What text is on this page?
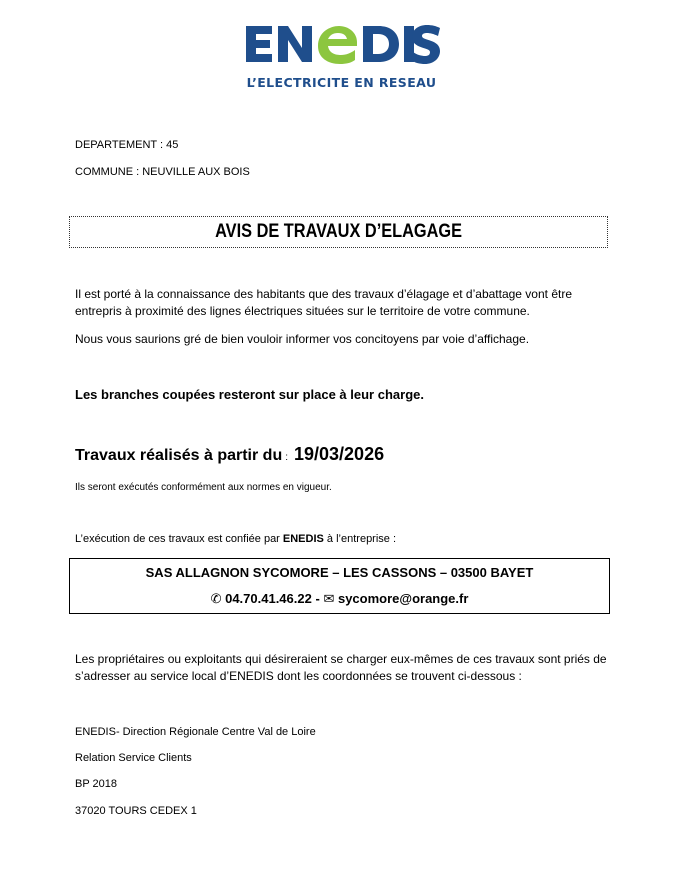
L’ELECTRICITE EN RESEAU
DEPARTEMENT : 45
COMMUNE : NEUVILLE AUX BOIS
AVIS DE TRAVAUX D’ELAGAGE
Il est porté à la connaissance des habitants que des travaux d’élagage et d’abattage vont être entrepris à proximité des lignes électriques situées sur le territoire de votre commune.
Nous vous saurions gré de bien vouloir informer vos concitoyens par voie d’affichage.
Les branches coupées resteront sur place à leur charge.
Travaux réalisés à partir du : 19/03/2026
Ils seront exécutés conformément aux normes en vigueur.
L’exécution de ces travaux est confiée par ENEDIS à l’entreprise :
SAS ALLAGNON SYCOMORE – LES CASSONS – 03500 BAYET
✆ 04.70.41.46.22 - ✉ sycomore@orange.fr
Les propriétaires ou exploitants qui désireraient se charger eux-mêmes de ces travaux sont priés de s’adresser au service local d’ENEDIS dont les coordonnées se trouvent ci-dessous :
ENEDIS- Direction Régionale Centre Val de Loire
Relation Service Clients
BP 2018
37020 TOURS CEDEX 1
